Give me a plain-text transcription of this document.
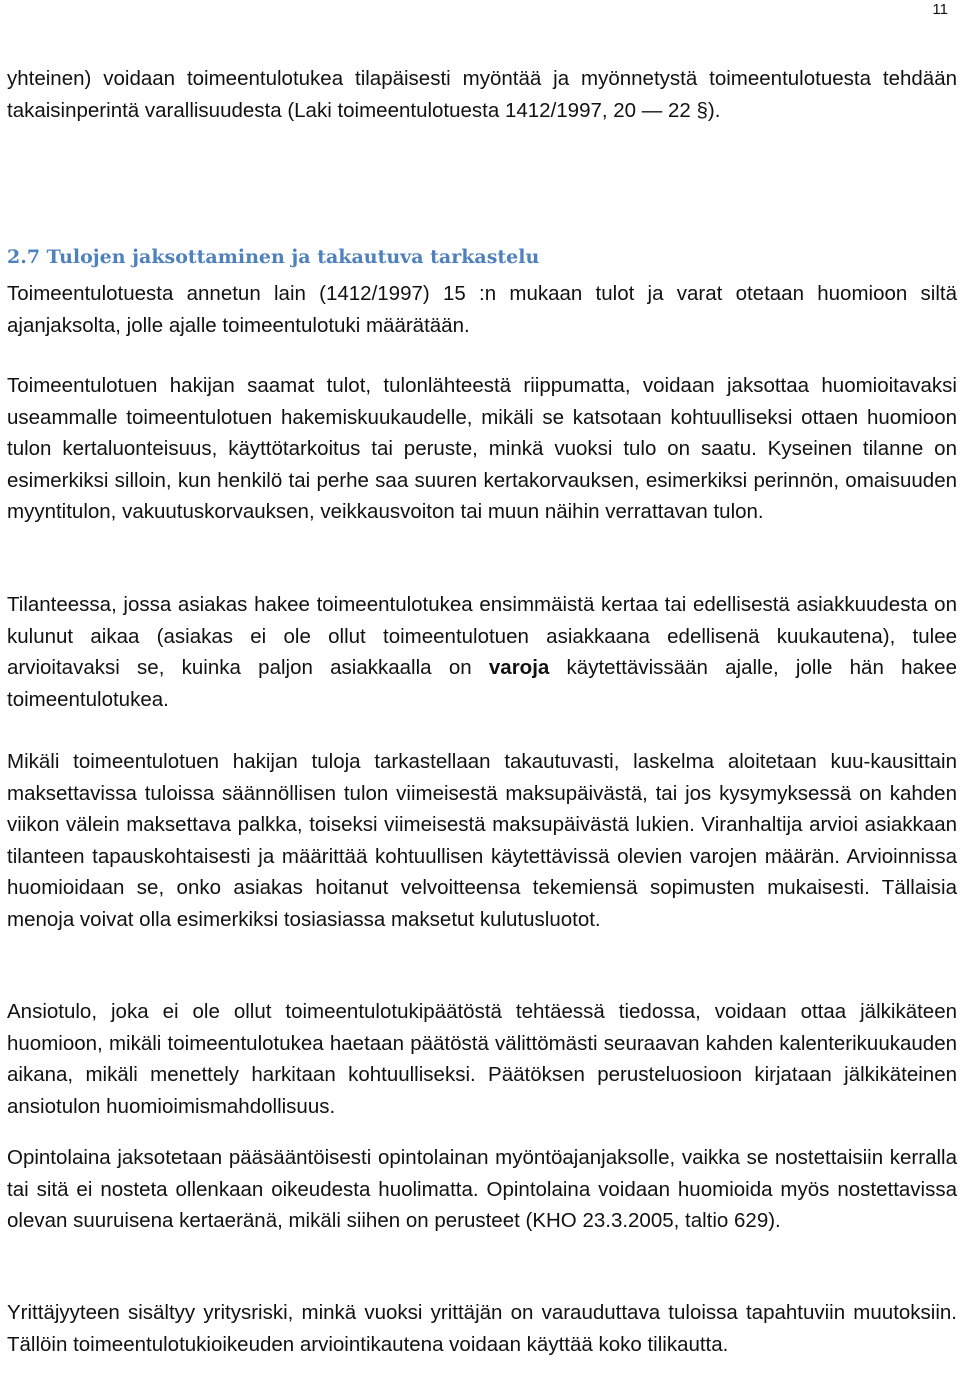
11

yhteinen) voidaan toimeentulotukea tilapäisesti myöntää ja myönnetystä toimeentulotuesta tehdään takaisinperintä varallisuudesta (Laki toimeentulotuesta 1412/1997, 20 — 22 §).

2.7 Tulojen jaksottaminen ja takautuva tarkastelu

Toimeentulotuesta annetun lain (1412/1997) 15 :n mukaan tulot ja varat otetaan huomioon siltä ajanjaksolta, jolle ajalle toimeentulotuki määrätään.

Toimeentulotuen hakijan saamat tulot, tulonlähteestä riippumatta, voidaan jaksottaa huomioitavaksi useammalle toimeentulotuen hakemiskuukaudelle, mikäli se katsotaan kohtuulliseksi ottaen huomioon tulon kertaluonteisuus, käyttötarkoitus tai peruste, minkä vuoksi tulo on saatu. Kyseinen tilanne on esimerkiksi silloin, kun henkilö tai perhe saa suuren kertakorvauksen, esimerkiksi perinnön, omaisuuden myyntitulon, vakuutuskorvauksen, veikkausvoiton tai muun näihin verrattavan tulon.

Tilanteessa, jossa asiakas hakee toimeentulotukea ensimmäistä kertaa tai edellisestä asiakkuudesta on kulunut aikaa (asiakas ei ole ollut toimeentulotuen asiakkaana edellisenä kuukautena), tulee arvioitavaksi se, kuinka paljon asiakkaalla on varoja käytettävissään ajalle, jolle hän hakee toimeentulotukea.

Mikäli toimeentulotuen hakijan tuloja tarkastellaan takautuvasti, laskelma aloitetaan kuu-kausittain maksettavissa tuloissa säännöllisen tulon viimeisestä maksupäivästä, tai jos kysymyksessä on kahden viikon välein maksettava palkka, toiseksi viimeisestä maksupäivästä lukien. Viranhaltija arvioi asiakkaan tilanteen tapauskohtaisesti ja määrittää kohtuullisen käytettävissä olevien varojen määrän. Arvioinnissa huomioidaan se, onko asiakas hoitanut velvoitteensa tekemiensä sopimusten mukaisesti. Tällaisia menoja voivat olla esimerkiksi tosiasiassa maksetut kulutusluotot.

Ansiotulo, joka ei ole ollut toimeentulotukipäätöstä tehtäessä tiedossa, voidaan ottaa jälkikäteen huomioon, mikäli toimeentulotukea haetaan päätöstä välittömästi seuraavan kahden kalenterikuukauden aikana, mikäli menettely harkitaan kohtuulliseksi. Päätöksen perusteluosioon kirjataan jälkikäteinen ansiotulon huomioimismahdollisuus.

Opintolaina jaksotetaan pääsääntöisesti opintolainan myöntöajanjaksolle, vaikka se nostettaisiin kerralla tai sitä ei nosteta ollenkaan oikeudesta huolimatta. Opintolaina voidaan huomioida myös nostettavissa olevan suuruisena kertaeränä, mikäli siihen on perusteet (KHO 23.3.2005, taltio 629).

Yrittäjyyteen sisältyy yritysriski, minkä vuoksi yrittäjän on varauduttava tuloissa tapahtuviin muutoksiin. Tällöin toimeentulotukioikeuden arviointikautena voidaan käyttää koko tilikautta.
